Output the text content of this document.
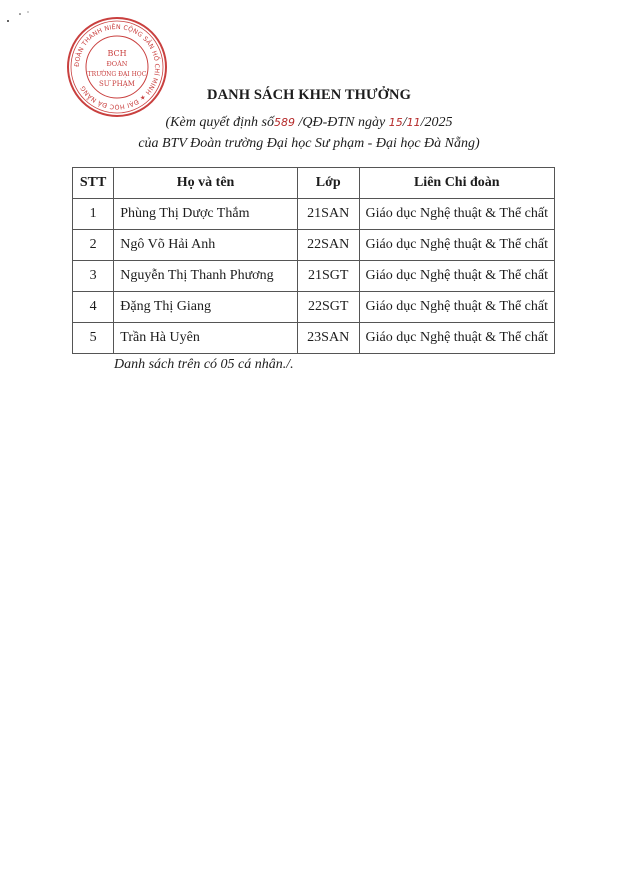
ĐOÀN THANH NIÊN CỘNG SẢN HỒ CHÍ MINH ★ ĐẠI HỌC ĐÀ NẴNG
BCH
ĐOÀN
TRƯỜNG ĐẠI HỌC
SƯ PHẠM
DANH SÁCH KHEN THƯỞNG
(Kèm quyết định số589 /QĐ-ĐTN ngày 15/11/2025
của BTV Đoàn trường Đại học Sư phạm - Đại học Đà Nẵng)
STT	Họ và tên	Lớp	Liên Chi đoàn
1	Phùng Thị Dược Thắm	21SAN	Giáo dục Nghệ thuật & Thể chất
2	Ngô Võ Hải Anh	22SAN	Giáo dục Nghệ thuật & Thể chất
3	Nguyễn Thị Thanh Phương	21SGT	Giáo dục Nghệ thuật & Thể chất
4	Đặng Thị Giang	22SGT	Giáo dục Nghệ thuật & Thể chất
5	Trần Hà Uyên	23SAN	Giáo dục Nghệ thuật & Thể chất
Danh sách trên có 05 cá nhân./.
